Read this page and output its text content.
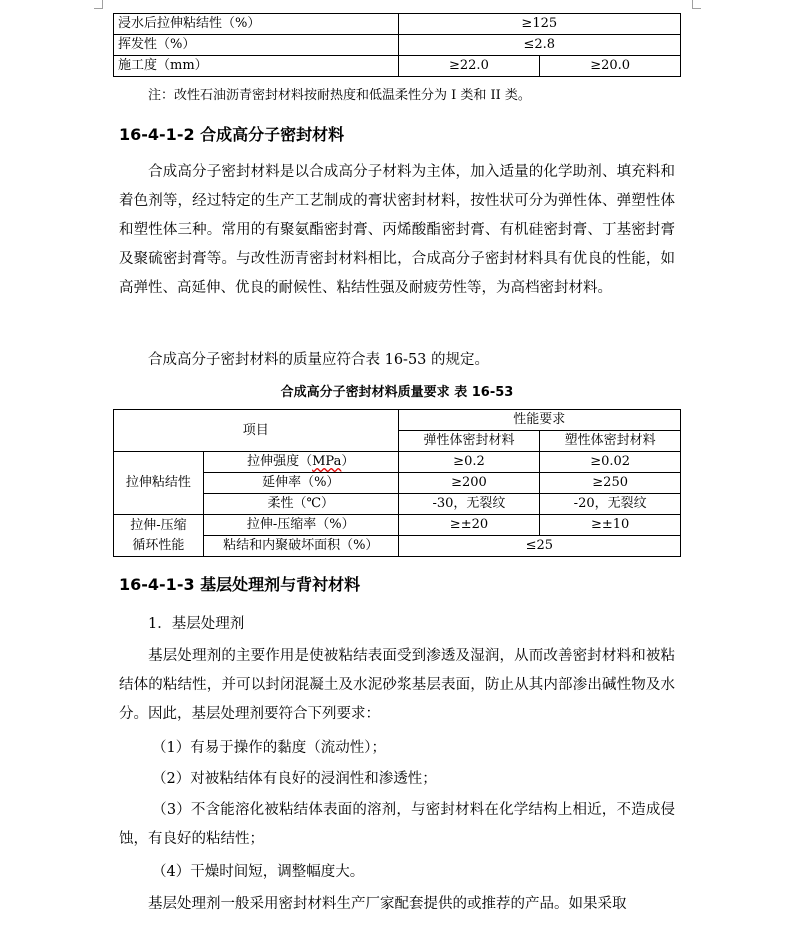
浸水后拉伸粘结性（%）	≥125	
挥发性（%）	≤2.8	
施工度（mm）	≥22.0	≥20.0
注：改性石油沥青密封材料按耐热度和低温柔性分为 I 类和 II 类。
16-4-1-2 合成高分子密封材料
合成高分子密封材料是以合成高分子材料为主体，加入适量的化学助剂、填充料和着色剂等，经过特定的生产工艺制成的膏状密封材料，按性状可分为弹性体、弹塑性体和塑性体三种。常用的有聚氨酯密封膏、丙烯酸酯密封膏、有机硅密封膏、丁基密封膏及聚硫密封膏等。与改性沥青密封材料相比，合成高分子密封材料具有优良的性能，如高弹性、高延伸、优良的耐候性、粘结性强及耐疲劳性等，为高档密封材料。
合成高分子密封材料的质量应符合表 16-53 的规定。
合成高分子密封材料质量要求 表 16-53
项目		性能要求	
		弹性体密封材料	塑性体密封材料
拉伸粘结性	拉伸强度（MPa）	≥0.2	≥0.02
	延伸率（%）	≥200	≥250
	柔性（℃）	-30，无裂纹	-20，无裂纹
拉伸-压缩
循环性能	拉伸-压缩率（%）	≥±20	≥±10
	粘结和内聚破坏面积（%）	≤25	
16-4-1-3 基层处理剂与背衬材料
1．基层处理剂
基层处理剂的主要作用是使被粘结表面受到渗透及湿润，从而改善密封材料和被粘结体的粘结性，并可以封闭混凝土及水泥砂浆基层表面，防止从其内部渗出碱性物及水分。因此，基层处理剂要符合下列要求：
（1）有易于操作的黏度（流动性）；
（2）对被粘结体有良好的浸润性和渗透性；
（3）不含能溶化被粘结体表面的溶剂，与密封材料在化学结构上相近，不造成侵蚀，有良好的粘结性；
（4）干燥时间短，调整幅度大。
基层处理剂一般采用密封材料生产厂家配套提供的或推荐的产品。如果采取
